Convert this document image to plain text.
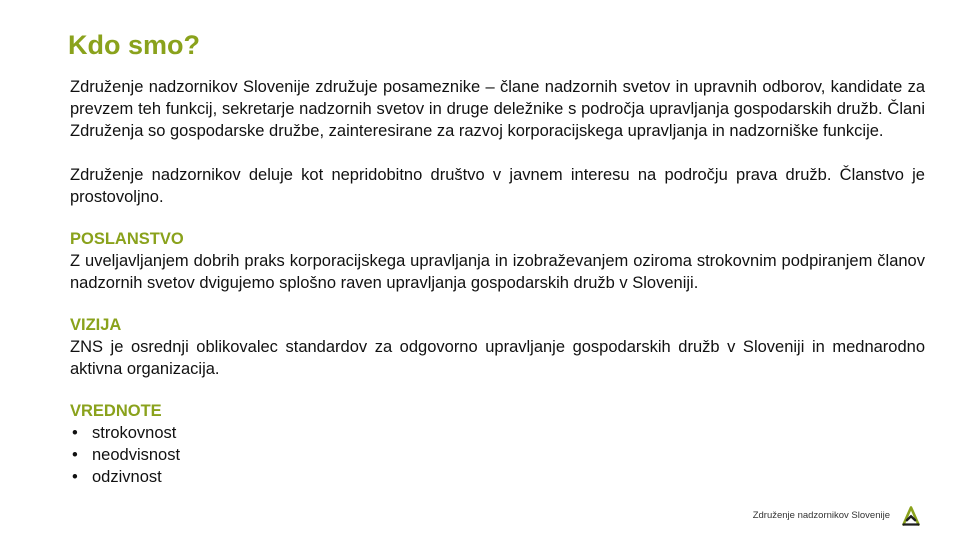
Kdo smo?

Združenje nadzornikov Slovenije združuje posameznike – člane nadzornih svetov in upravnih odborov, kandidate za prevzem teh funkcij, sekretarje nadzornih svetov in druge deležnike s področja upravljanja gospodarskih družb. Člani Združenja so gospodarske družbe, zainteresirane za razvoj korporacijskega upravljanja in nadzorniške funkcije.

Združenje nadzornikov deluje kot nepridobitno društvo v javnem interesu na področju prava družb. Članstvo je prostovoljno.

POSLANSTVO

Z uveljavljanjem dobrih praks korporacijskega upravljanja in izobraževanjem oziroma strokovnim podpiranjem članov nadzornih svetov dvigujemo splošno raven upravljanja gospodarskih družb v Sloveniji.

VIZIJA

ZNS je osrednji oblikovalec standardov za odgovorno upravljanje gospodarskih družb v Sloveniji in mednarodno aktivna organizacija.

VREDNOTE

• strokovnost
• neodvisnost
• odzivnost
Združenje nadzornikov Slovenije
